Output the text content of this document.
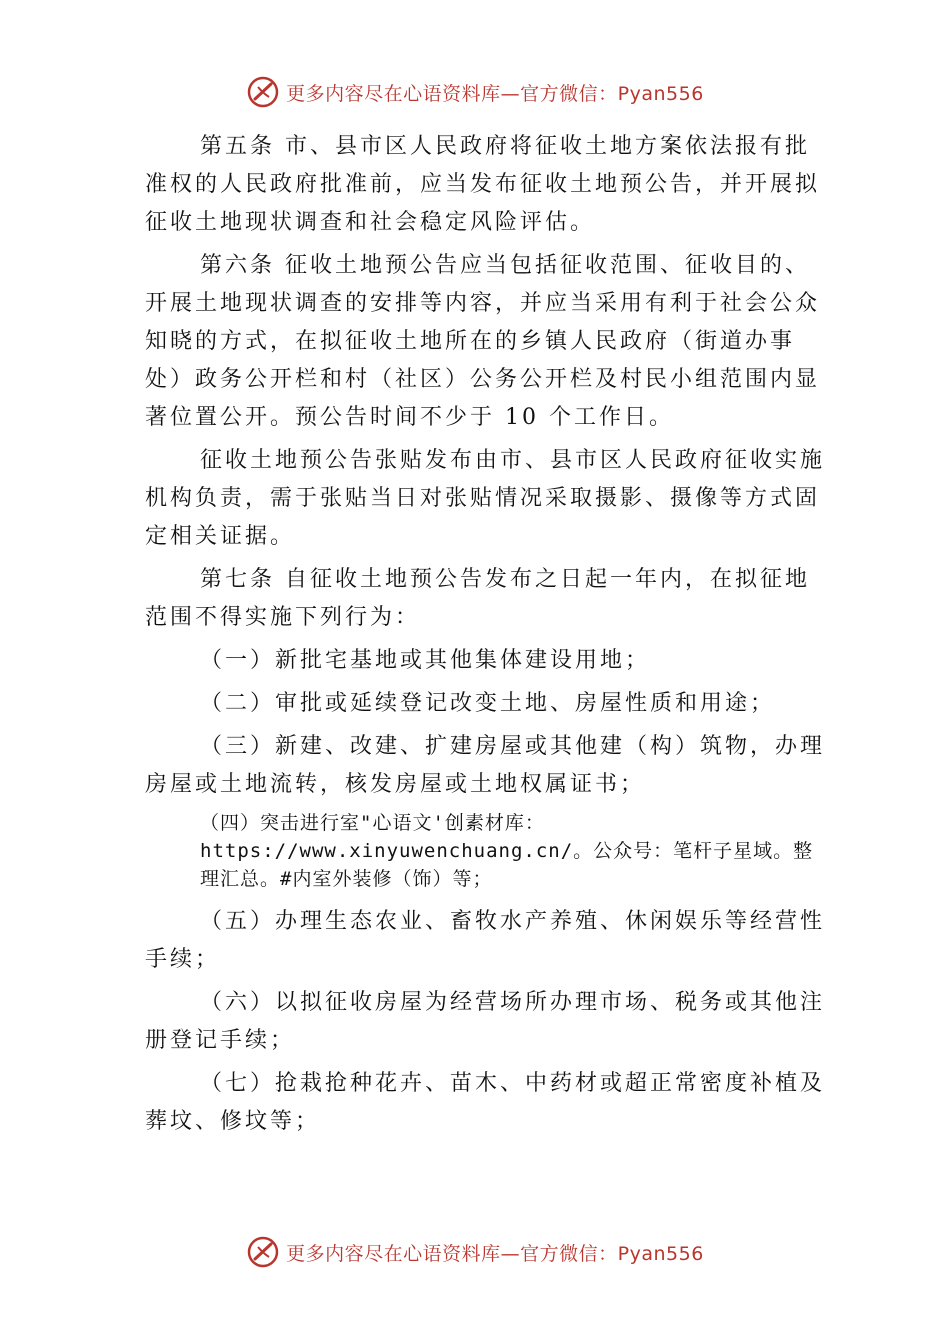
更多内容尽在心语资料库—官方微信：Pyan556

第五条 市、县市区人民政府将征收土地方案依法报有批准权的人民政府批准前，应当发布征收土地预公告，并开展拟征收土地现状调查和社会稳定风险评估。

第六条 征收土地预公告应当包括征收范围、征收目的、开展土地现状调查的安排等内容，并应当采用有利于社会公众知晓的方式，在拟征收土地所在的乡镇人民政府（街道办事处）政务公开栏和村（社区）公务公开栏及村民小组范围内显著位置公开。预公告时间不少于 10 个工作日。

征收土地预公告张贴发布由市、县市区人民政府征收实施机构负责，需于张贴当日对张贴情况采取摄影、摄像等方式固定相关证据。

第七条 自征收土地预公告发布之日起一年内，在拟征地范围不得实施下列行为：

（一）新批宅基地或其他集体建设用地；

（二）审批或延续登记改变土地、房屋性质和用途；

（三）新建、改建、扩建房屋或其他建（构）筑物，办理房屋或土地流转，核发房屋或土地权属证书；

（四）突击进行室"心语文'创素材库：https://www.xinyuwenchuang.cn/。公众号：笔杆子星域。整理汇总。#内室外装修（饰）等；

（五）办理生态农业、畜牧水产养殖、休闲娱乐等经营性手续；

（六）以拟征收房屋为经营场所办理市场、税务或其他注册登记手续；

（七）抢栽抢种花卉、苗木、中药材或超正常密度补植及葬坟、修坟等；

更多内容尽在心语资料库—官方微信：Pyan556
